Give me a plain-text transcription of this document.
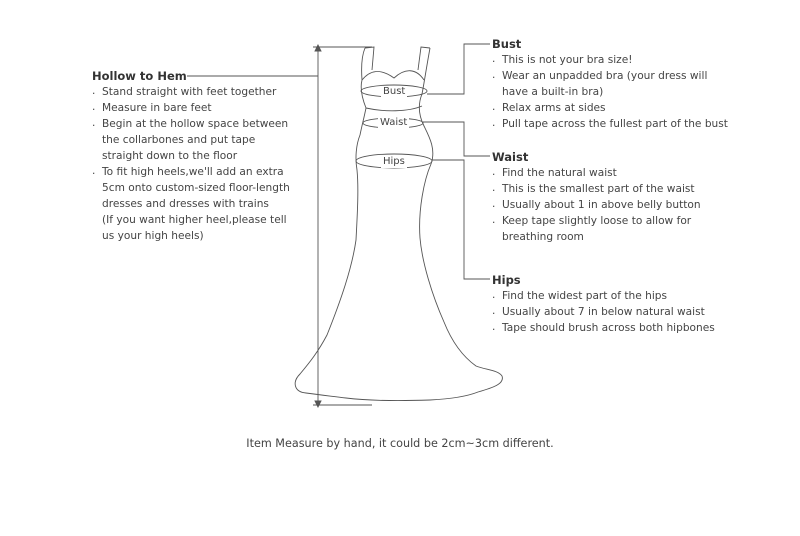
Bust
Waist
Hips
Hollow to Hem
. Stand straight with feet together
. Measure in bare feet
. Begin at the hollow space between
the collarbones and put tape
straight down to the floor
. To fit high heels,we'll add an extra
5cm onto custom-sized floor-length
dresses and dresses with trains
(If you want higher heel,please tell
us your high heels)
Bust
. This is not your bra size!
. Wear an unpadded bra (your dress will
have a built-in bra)
. Relax arms at sides
. Pull tape across the fullest part of the bust
Waist
. Find the natural waist
. This is the smallest part of the waist
. Usually about 1 in above belly button
. Keep tape slightly loose to allow for
breathing room
Hips
. Find the widest part of the hips
. Usually about 7 in below natural waist
. Tape should brush across both hipbones
Item Measure by hand, it could be 2cm~3cm different.
